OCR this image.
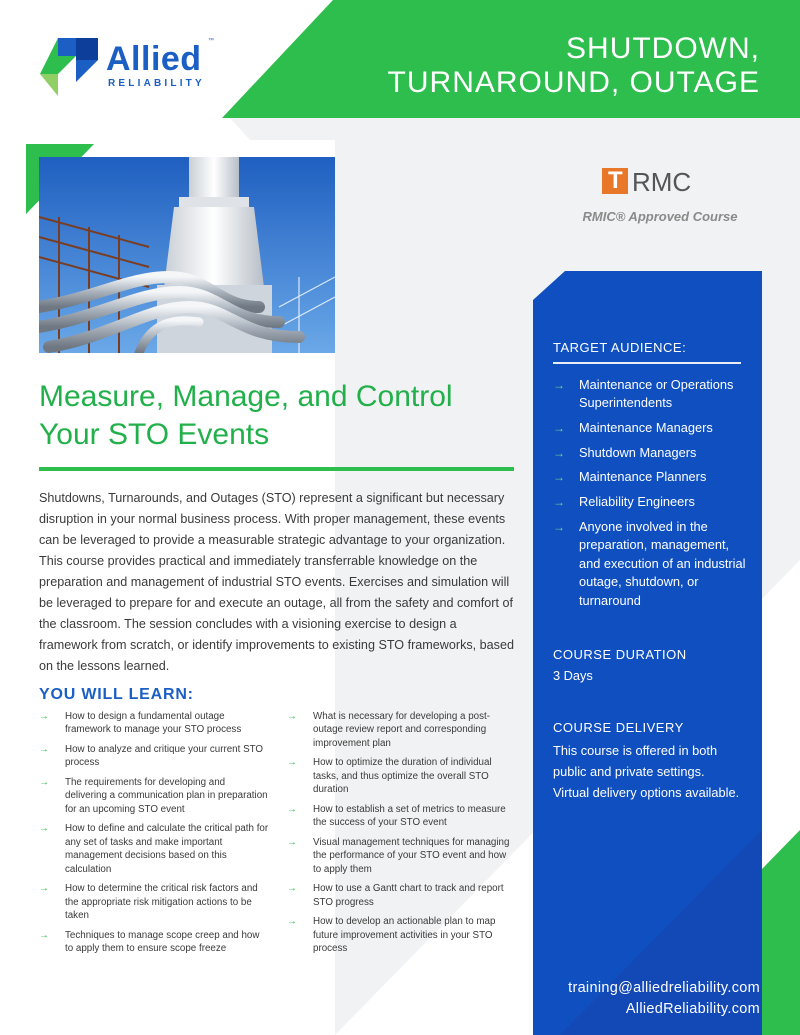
Allied ™
RELIABILITY
SHUTDOWN,
TURNAROUND, OUTAGE
T RMC
RMIC® Approved Course
Measure, Manage, and Control
Your STO Events

Shutdowns, Turnarounds, and Outages (STO) represent a significant but necessary disruption in your normal business process. With proper management, these events can be leveraged to provide a measurable strategic advantage to your organization. This course provides practical and immediately transferrable knowledge on the preparation and management of industrial STO events. Exercises and simulation will be leveraged to prepare for and execute an outage, all from the safety and comfort of the classroom. The session concludes with a visioning exercise to design a framework from scratch, or identify improvements to existing STO frameworks, based on the lessons learned.

YOU WILL LEARN:
→ How to design a fundamental outage framework to manage your STO process
→ How to analyze and critique your current STO process
→ The requirements for developing and delivering a communication plan in preparation for an upcoming STO event
→ How to define and calculate the critical path for any set of tasks and make important management decisions based on this calculation
→ How to determine the critical risk factors and the appropriate risk mitigation actions to be taken
→ Techniques to manage scope creep and how to apply them to ensure scope freeze
→ What is necessary for developing a post-outage review report and corresponding improvement plan
→ How to optimize the duration of individual tasks, and thus optimize the overall STO duration
→ How to establish a set of metrics to measure the success of your STO event
→ Visual management techniques for managing the performance of your STO event and how to apply them
→ How to use a Gantt chart to track and report STO progress
→ How to develop an actionable plan to map future improvement activities in your STO process
TARGET AUDIENCE:
→ Maintenance or Operations Superintendents
→ Maintenance Managers
→ Shutdown Managers
→ Maintenance Planners
→ Reliability Engineers
→ Anyone involved in the preparation, management, and execution of an industrial outage, shutdown, or turnaround
COURSE DURATION
3 Days
COURSE DELIVERY
This course is offered in both public and private settings. Virtual delivery options available.
training@alliedreliability.com
AlliedReliability.com
